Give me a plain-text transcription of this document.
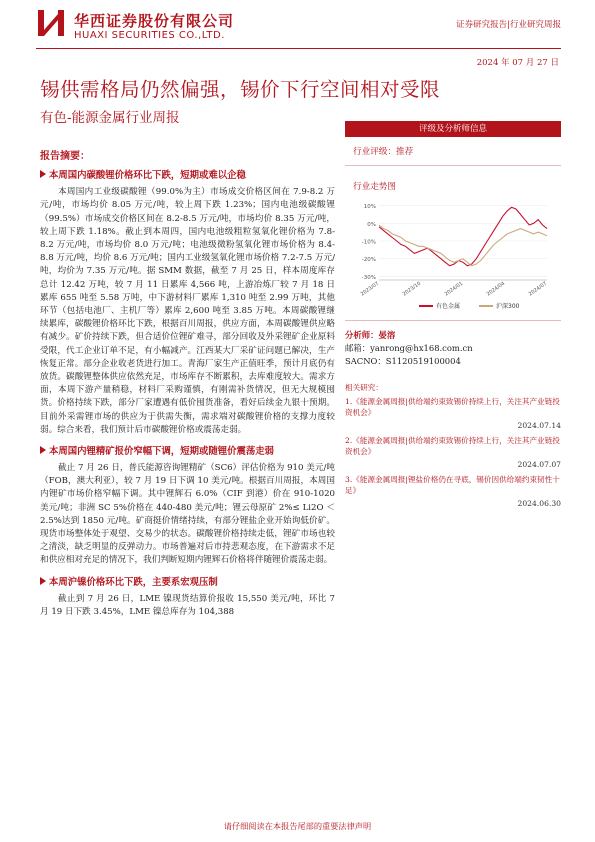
华西证券股份有限公司
HUAXI SECURITIES CO.,LTD.
证券研究报告|行业研究周报
2024 年 07 月 27 日
锡供需格局仍然偏强，锡价下行空间相对受限
有色-能源金属行业周报
报告摘要：
本周国内碳酸锂价格环比下跌，短期或难以企稳
本周国内工业级碳酸锂（99.0%为主）市场成交价格区间在 7.9-8.2 万元/吨，市场均价 8.05 万元/吨，较上周下跌 1.23%；国内电池级碳酸锂（99.5%）市场成交价格区间在 8.2-8.5 万元/吨，市场均价 8.35 万元/吨，较上周下跌 1.18%。截止到本周四，国内电池级粗粒氢氧化锂价格为 7.8-8.2 万元/吨，市场均价 8.0 万元/吨；电池级微粉氢氧化锂市场价格为 8.4-8.8 万元/吨，均价 8.6 万元/吨；国内工业级氢氧化锂市场价格 7.2-7.5 万元/吨，均价为 7.35 万元/吨。据 SMM 数据，截至 7 月 25 日，样本周度库存总计 12.42 万吨，较 7 月 11 日累库 4,566 吨，上游冶炼厂较 7 月 18 日累库 655 吨至 5.58 万吨，中下游材料厂累库 1,310 吨至 2.99 万吨，其他环节（包括电池厂、主机厂等）累库 2,600 吨至 3.85 万吨。本周碳酸锂继续累库，碳酸锂价格环比下跌，根据百川周报，供应方面，本周碳酸锂供应略有减少。矿价持续下跌，但合适价位锂矿难寻，部分回收及外采锂矿企业原料受限，代工企业订单不足，有小幅减产。江西某大厂采矿证问题已解决，生产恢复正常。部分企业收老货进行加工。青海厂家生产正值旺季，预计月底仍有放货。碳酸锂整体供应依然充足，市场库存不断累积，去库难度较大。需求方面，本周下游产量稍稳，材料厂采购谨慎，有刚需补货情况，但无大规模囤货。价格持续下跌，部分厂家遭遇有低价囤货准备，看好后续金九银十预期。目前外采需锂市场的供应为于供需失衡，需求端对碳酸锂价格的支撑力度较弱。综合来看，我们预计后市碳酸锂价格或震荡走弱。
本周国内锂精矿报价窄幅下调，短期或随锂价震荡走弱
截止 7 月 26 日，普氏能源咨询锂精矿（SC6）评估价格为 910 美元/吨（FOB，澳大利亚），较 7 月 19 日下调 10 美元/吨。根据百川周报，本周国内锂矿市场价格窄幅下调。其中锂辉石 6.0%（CIF 到港）价在 910-1020 美元/吨；非洲 SC 5%价格在 440-480 美元/吨；锂云母原矿 2%≤ Li2O ＜ 2.5%达到 1850 元/吨。矿商挺价情绪持续，有部分锂盐企业开始询低价矿。现货市场整体处于观望、交易少的状态。碳酸锂价格持续走低，锂矿市场也较之清淡，缺乏明显的反弹动力。市场普遍对后市持悲观态度，在下游需求不足和供应相对充足的情况下，我们判断短期内锂辉石价格将伴随锂价震荡走弱。
本周沪镍价格环比下跌，主要系宏观压制
截止到 7 月 26 日，LME 镍现货结算价报收 15,550 美元/吨，环比 7 月 19 日下跌 3.45%，LME 镍总库存为 104,388
评级及分析师信息
行业评级：推荐
行业走势图
10%
0%
-10%
-20%
-30%
2023/07	2023/10	2024/01	2024/04	2024/07
有色金属	沪深300
分析师：晏溶
邮箱：yanrong@hx168.com.cn
SACNO：S1120519100004
相关研究：
1.《能源金属周报|供给端约束致锡价持续上行，关注其产业链投资机会》
2024.07.14
2.《能源金属周报|供给端约束致锡价持续上行，关注其产业链投资机会》
2024.07.07
3.《能源金属周报|锂盐价格仍在寻底，锡价因供给端约束韧性十足》
2024.06.30
请仔细阅读在本报告尾部的重要法律声明
